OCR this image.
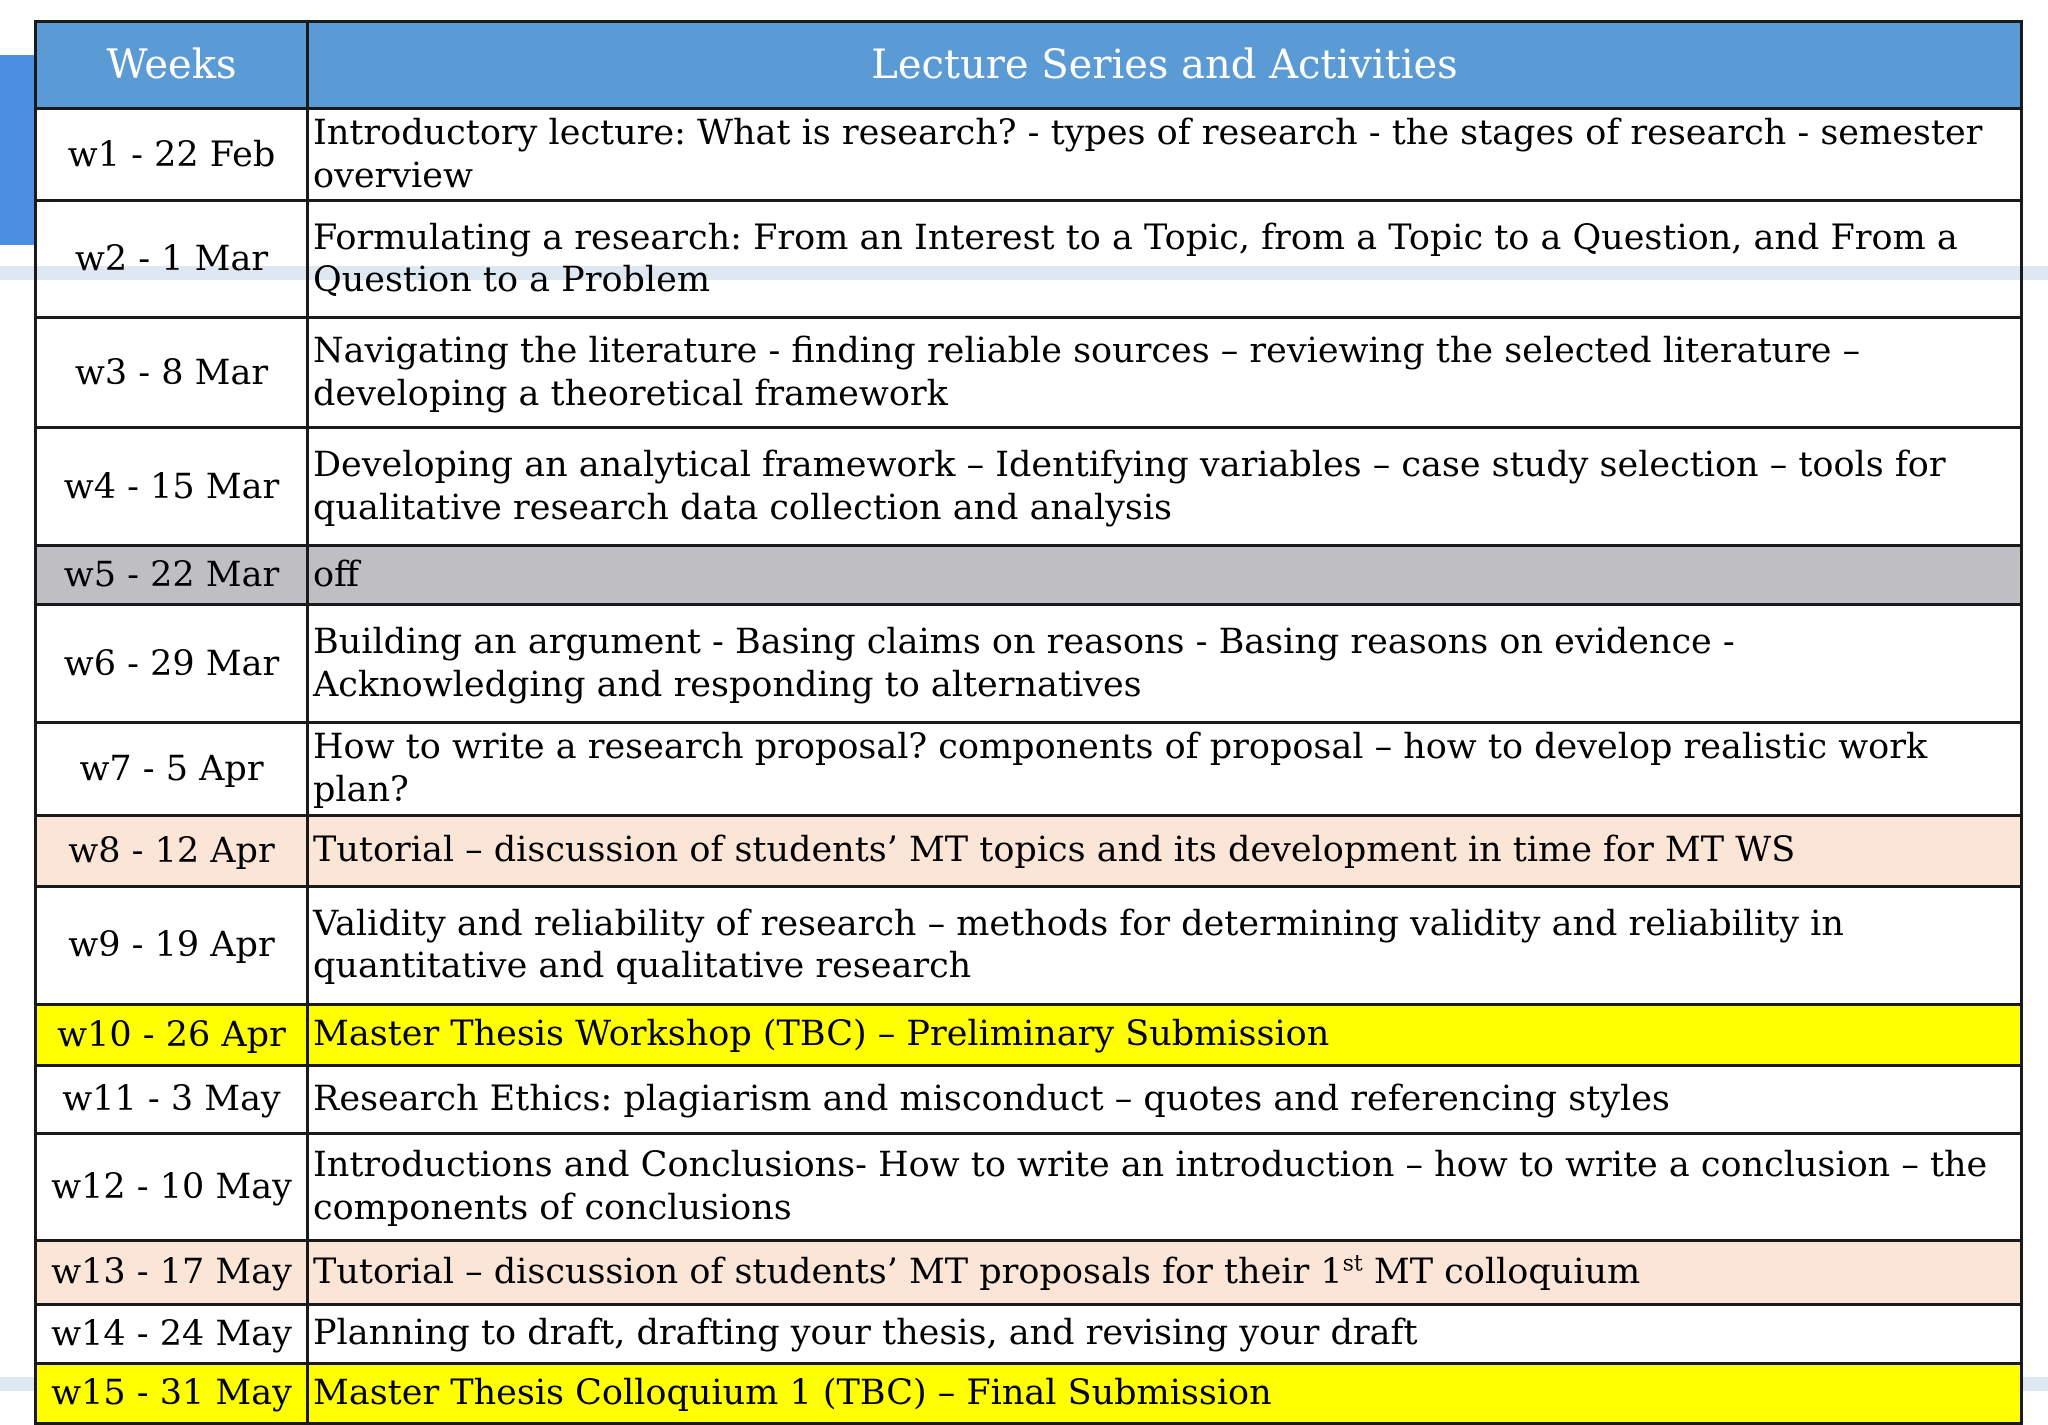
Weeks	Lecture Series and Activities
w1 - 22 Feb	Introductory lecture: What is research? - types of research - the stages of research - semester overview
w2 - 1 Mar	Formulating a research: From an Interest to a Topic, from a Topic to a Question, and From a Question to a Problem
w3 - 8 Mar	Navigating the literature - finding reliable sources – reviewing the selected literature – developing a theoretical framework
w4 - 15 Mar	Developing an analytical framework – Identifying variables – case study selection – tools for qualitative research data collection and analysis
w5 - 22 Mar	off
w6 - 29 Mar	Building an argument - Basing claims on reasons - Basing reasons on evidence - Acknowledging and responding to alternatives
w7 - 5 Apr	How to write a research proposal? components of proposal – how to develop realistic work plan?
w8 - 12 Apr	Tutorial – discussion of students’ MT topics and its development in time for MT WS
w9 - 19 Apr	Validity and reliability of research – methods for determining validity and reliability in quantitative and qualitative research
w10 - 26 Apr	Master Thesis Workshop (TBC) – Preliminary Submission
w11 - 3 May	Research Ethics: plagiarism and misconduct – quotes and referencing styles
w12 - 10 May	Introductions and Conclusions- How to write an introduction – how to write a conclusion – the components of conclusions
w13 - 17 May	Tutorial – discussion of students’ MT proposals for their 1st MT colloquium
w14 - 24 May	Planning to draft, drafting your thesis, and revising your draft
w15 - 31 May	Master Thesis Colloquium 1 (TBC) – Final Submission
